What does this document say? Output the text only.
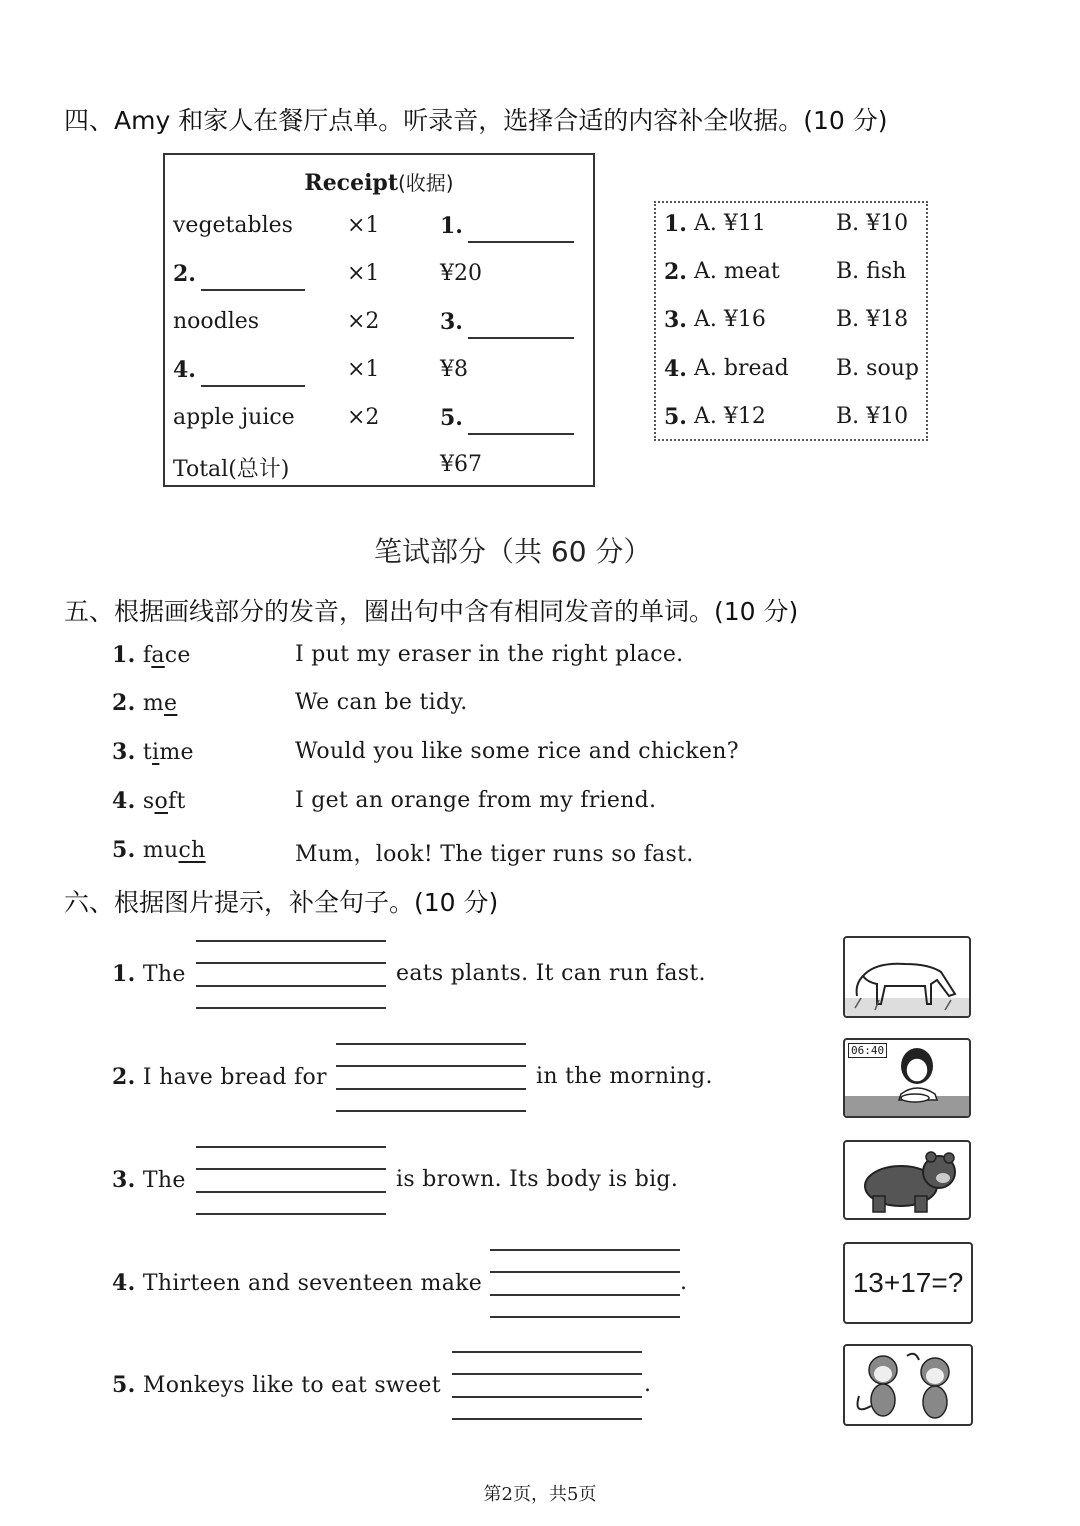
四、Amy 和家人在餐厅点单。听录音，选择合适的内容补全收据。(10 分)
Receipt(收据)
vegetables ×1	1.
2.	×1	¥20
noodles	×2	3.
4.	×1	¥8
apple juice ×2	5.
Total(总计)	¥67
1. A. ¥11	B. ¥10
2. A. meat	B. fish
3. A. ¥16	B. ¥18
4. A. bread B. soup
5. A. ¥12	B. ¥10
笔试部分（共 60 分）
五、根据画线部分的发音，圈出句中含有相同发音的单词。(10 分)
1. face	I put my eraser in the right place.
2. me	We can be tidy.
3. time	Would you like some rice and chicken?
4. soft	I get an orange from my friend.
5. much	Mum，look! The tiger runs so fast.
六、根据图片提示，补全句子。(10 分)
1. The	eats plants. It can run fast.
2. I have bread for	in the morning.
06:40
3. The	is brown. Its body is big.
4. Thirteen and seventeen make	.	13+17=?
5. Monkeys like to eat sweet	.
第2页，共5页
